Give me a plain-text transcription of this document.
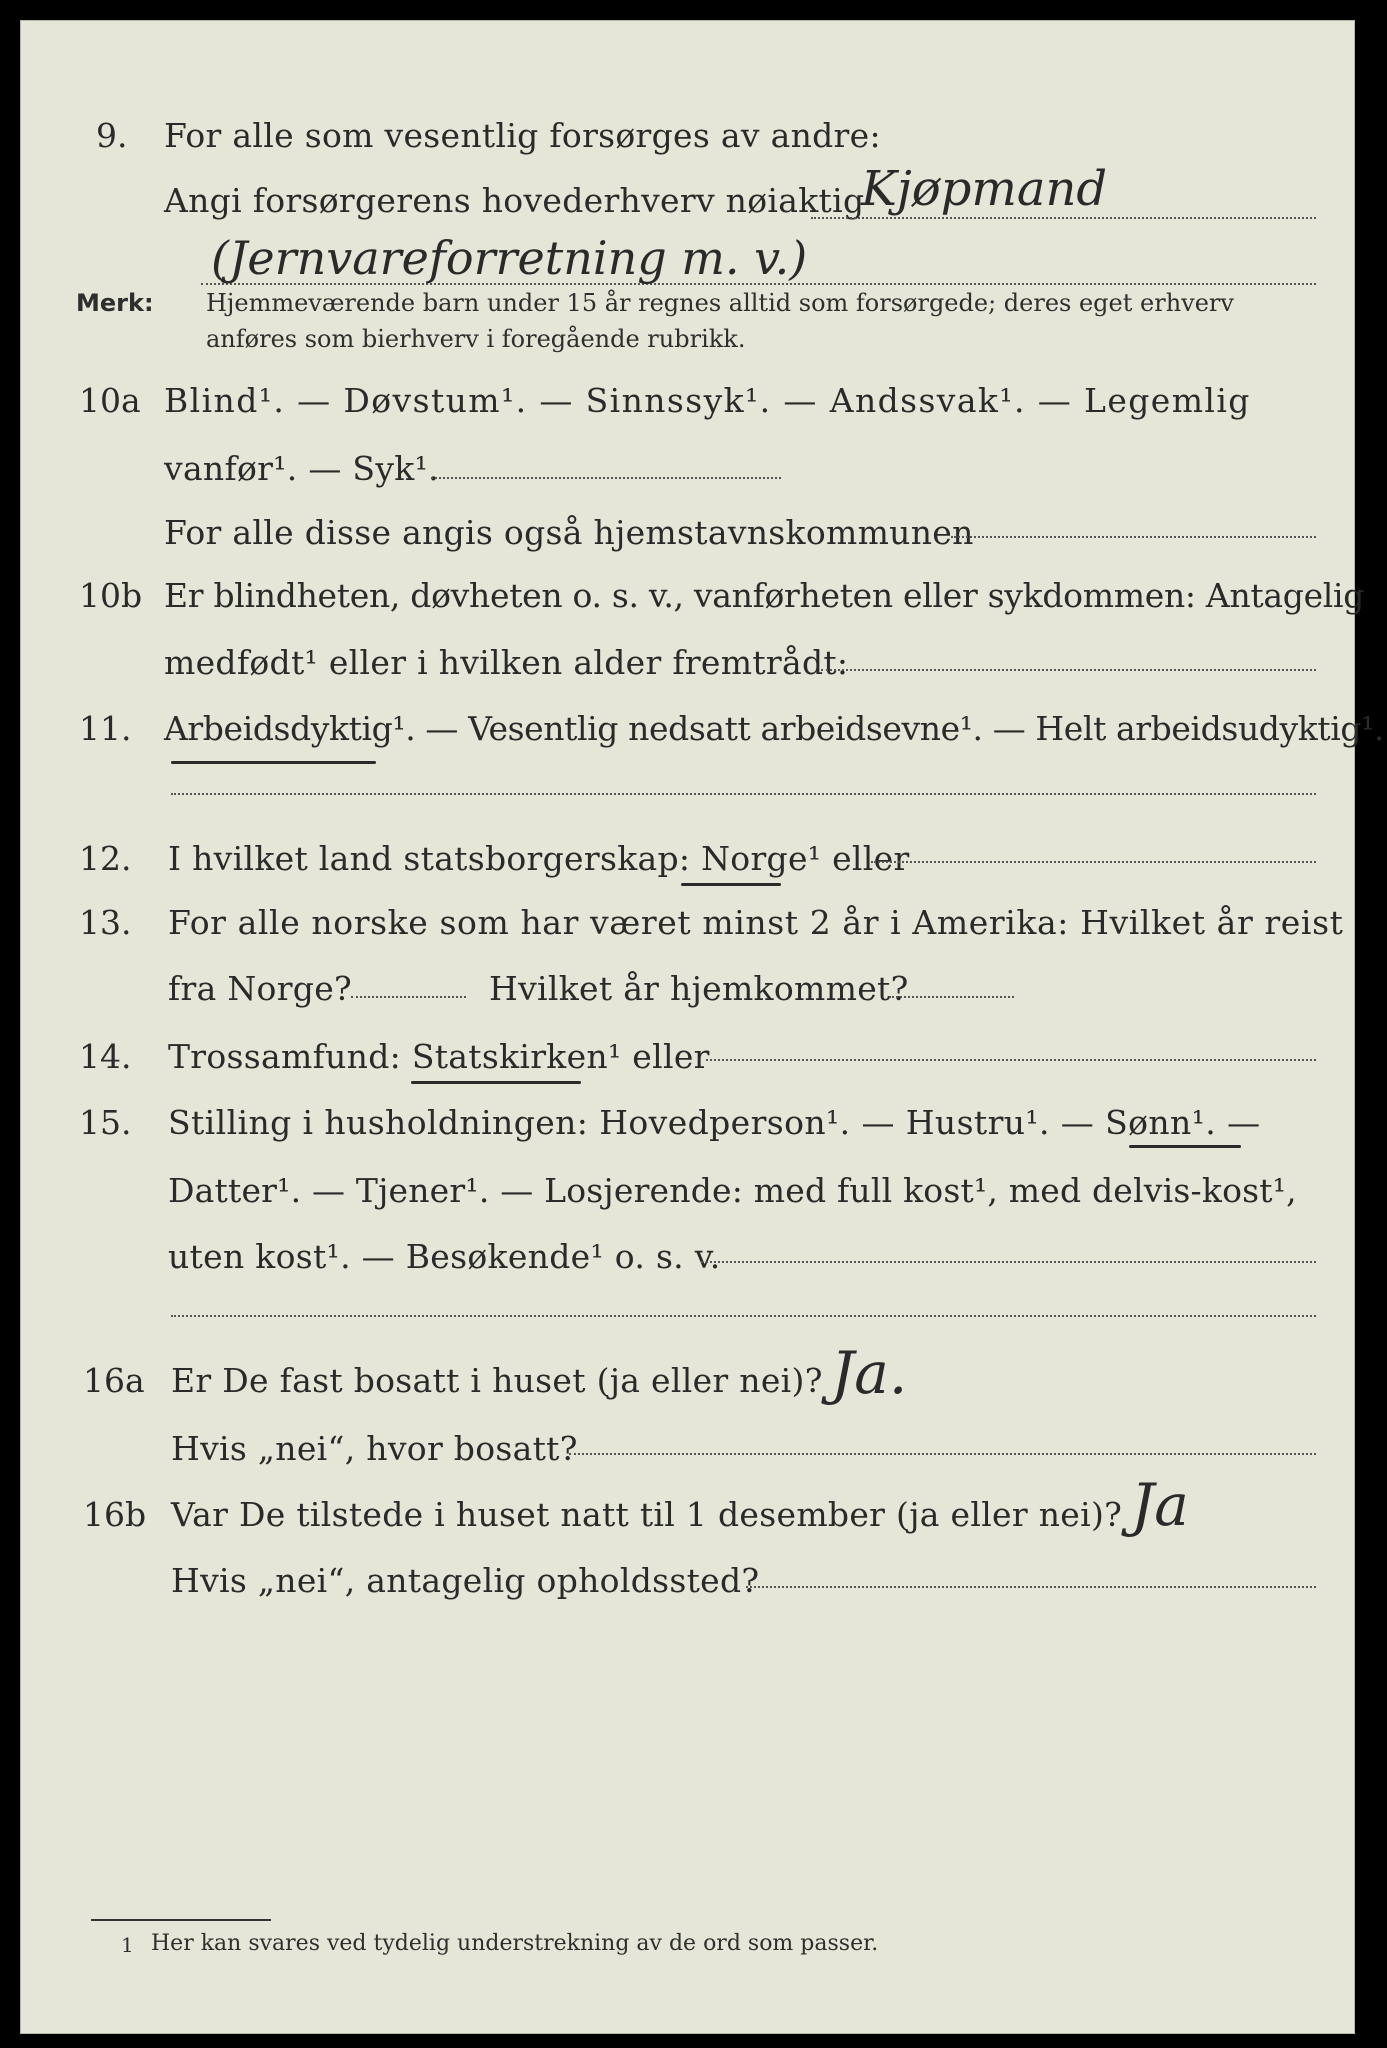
9. For alle som vesentlig forsørges av andre:
Angi forsørgerens hovederhverv nøiaktig
Kjøpmand
(Jernvareforretning m. v.)
Merk: Hjemmeværende barn under 15 år regnes alltid som forsørgede; deres eget erhverv
anføres som bierhverv i foregående rubrikk.
10a Blind¹. — Døvstum¹. — Sinnssyk¹. — Andssvak¹. — Legemlig
vanfør¹. — Syk¹.
For alle disse angis også hjemstavnskommunen
10b Er blindheten, døvheten o. s. v., vanførheten eller sykdommen: Antagelig
medfødt¹ eller i hvilken alder fremtrådt:
11. Arbeidsdyktig¹. — Vesentlig nedsatt arbeidsevne¹. — Helt arbeidsudyktig¹.
12. I hvilket land statsborgerskap: Norge¹ eller
13. For alle norske som har været minst 2 år i Amerika: Hvilket år reist
fra Norge?	Hvilket år hjemkommet?
14. Trossamfund: Statskirken¹ eller
15. Stilling i husholdningen: Hovedperson¹. — Hustru¹. — Sønn¹. —
Datter¹. — Tjener¹. — Losjerende: med full kost¹, med delvis-kost¹,
uten kost¹. — Besøkende¹ o. s. v.
16a Er De fast bosatt i huset (ja eller nei)? Ja.
Hvis „nei“, hvor bosatt?
16b Var De tilstede i huset natt til 1 desember (ja eller nei)? Ja
Hvis „nei“, antagelig opholdssted?
1 Her kan svares ved tydelig understrekning av de ord som passer.
